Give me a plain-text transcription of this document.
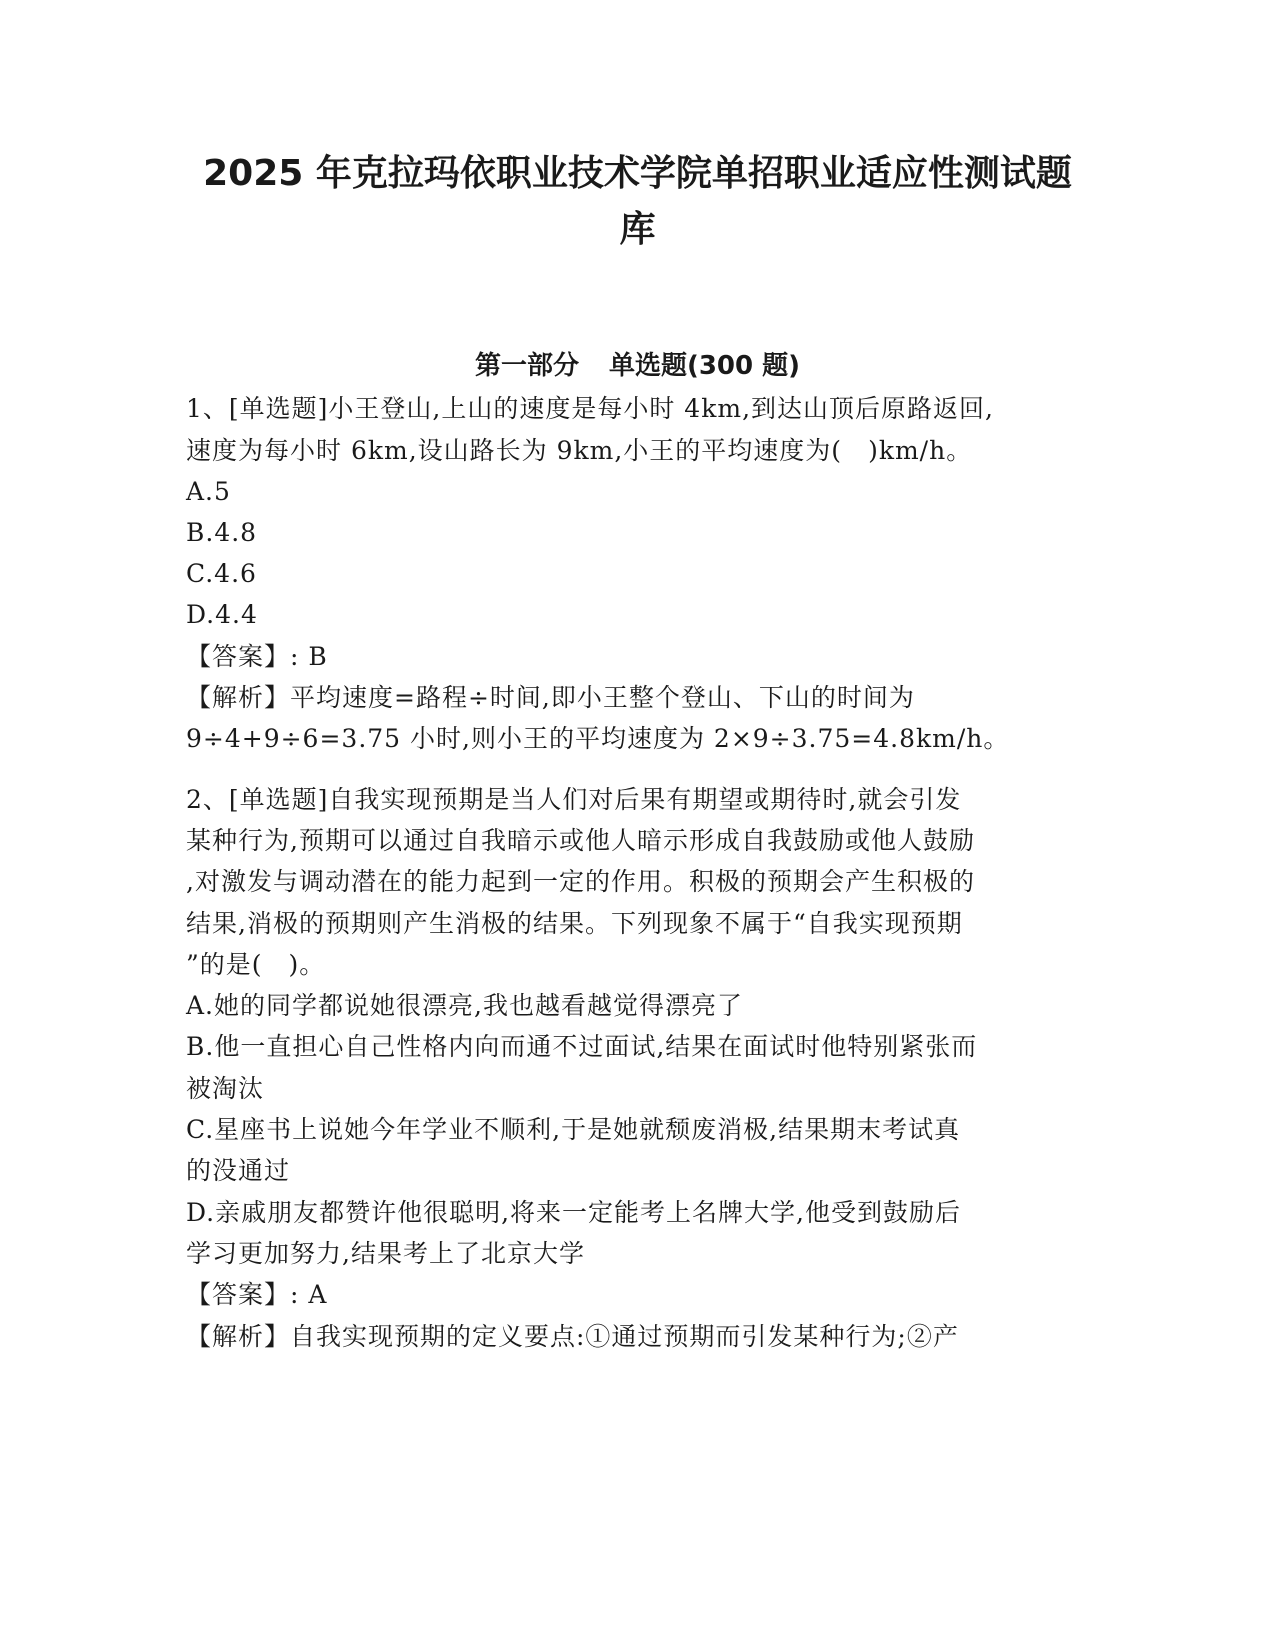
2025 年克拉玛依职业技术学院单招职业适应性测试题
库
第一部分 单选题(300 题)

1、[单选题]小王登山,上山的速度是每小时 4km,到达山顶后原路返回,

速度为每小时 6km,设山路长为 9km,小王的平均速度为(　)km/h。

A.5

B.4.8

C.4.6

D.4.4

【答案】: B

【解析】平均速度=路程÷时间,即小王整个登山、下山的时间为

9÷4+9÷6=3.75 小时,则小王的平均速度为 2×9÷3.75=4.8km/h。

2、[单选题]自我实现预期是当人们对后果有期望或期待时,就会引发

某种行为,预期可以通过自我暗示或他人暗示形成自我鼓励或他人鼓励

,对激发与调动潜在的能力起到一定的作用。积极的预期会产生积极的

结果,消极的预期则产生消极的结果。下列现象不属于“自我实现预期

”的是(　)。

A.她的同学都说她很漂亮,我也越看越觉得漂亮了

B.他一直担心自己性格内向而通不过面试,结果在面试时他特别紧张而

被淘汰

C.星座书上说她今年学业不顺利,于是她就颓废消极,结果期末考试真

的没通过

D.亲戚朋友都赞许他很聪明,将来一定能考上名牌大学,他受到鼓励后

学习更加努力,结果考上了北京大学

【答案】: A

【解析】自我实现预期的定义要点:①通过预期而引发某种行为;②产
